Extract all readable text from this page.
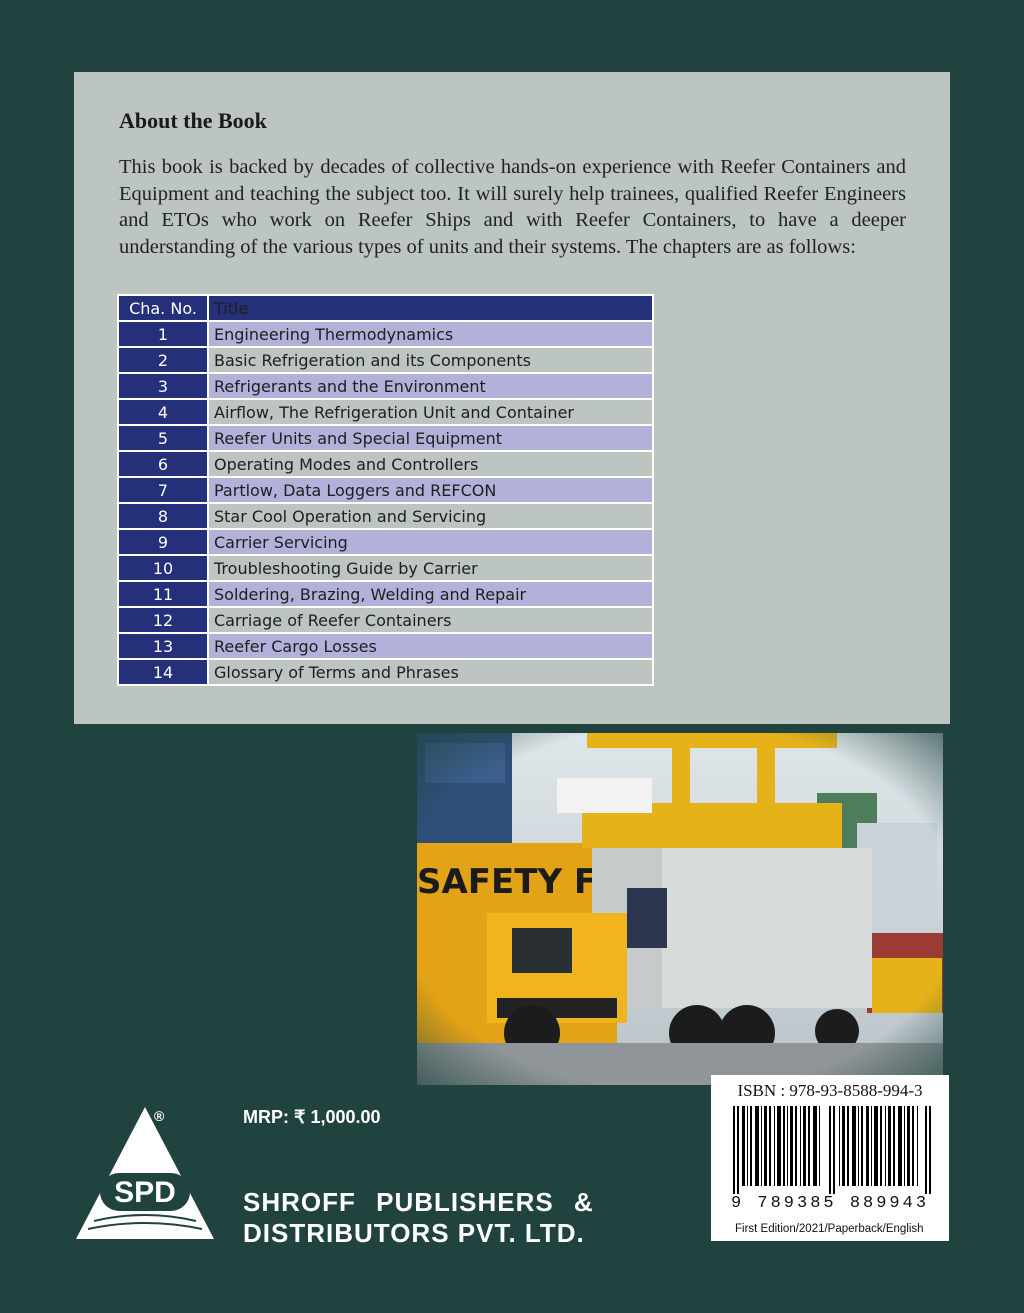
About the Book

This book is backed by decades of collective hands-on experience with Reefer Containers and Equipment and teaching the subject too. It will surely help trainees, qualified Reefer Engineers and ETOs who work on Reefer Ships and with Reefer Containers, to have a deeper understanding of the various types of units and their systems. The chapters are as follows:

Cha. No.	Title
1	Engineering Thermodynamics
2	Basic Refrigeration and its Components
3	Refrigerants and the Environment
4	Airflow, The Refrigeration Unit and Container
5	Reefer Units and Special Equipment
6	Operating Modes and Controllers
7	Partlow, Data Loggers and REFCON
8	Star Cool Operation and Servicing
9	Carrier Servicing
10	Troubleshooting Guide by Carrier
11	Soldering, Brazing, Welding and Repair
12	Carriage of Reefer Containers
13	Reefer Cargo Losses
14	Glossary of Terms and Phrases

ISBN : 978-93-8588-994-3

9 789385 889943

First Edition/2021/Paperback/English

SPD
®	MRP: ₹ 1,000.00

SHROFF PUBLISHERS &
DISTRIBUTORS PVT. LTD.
